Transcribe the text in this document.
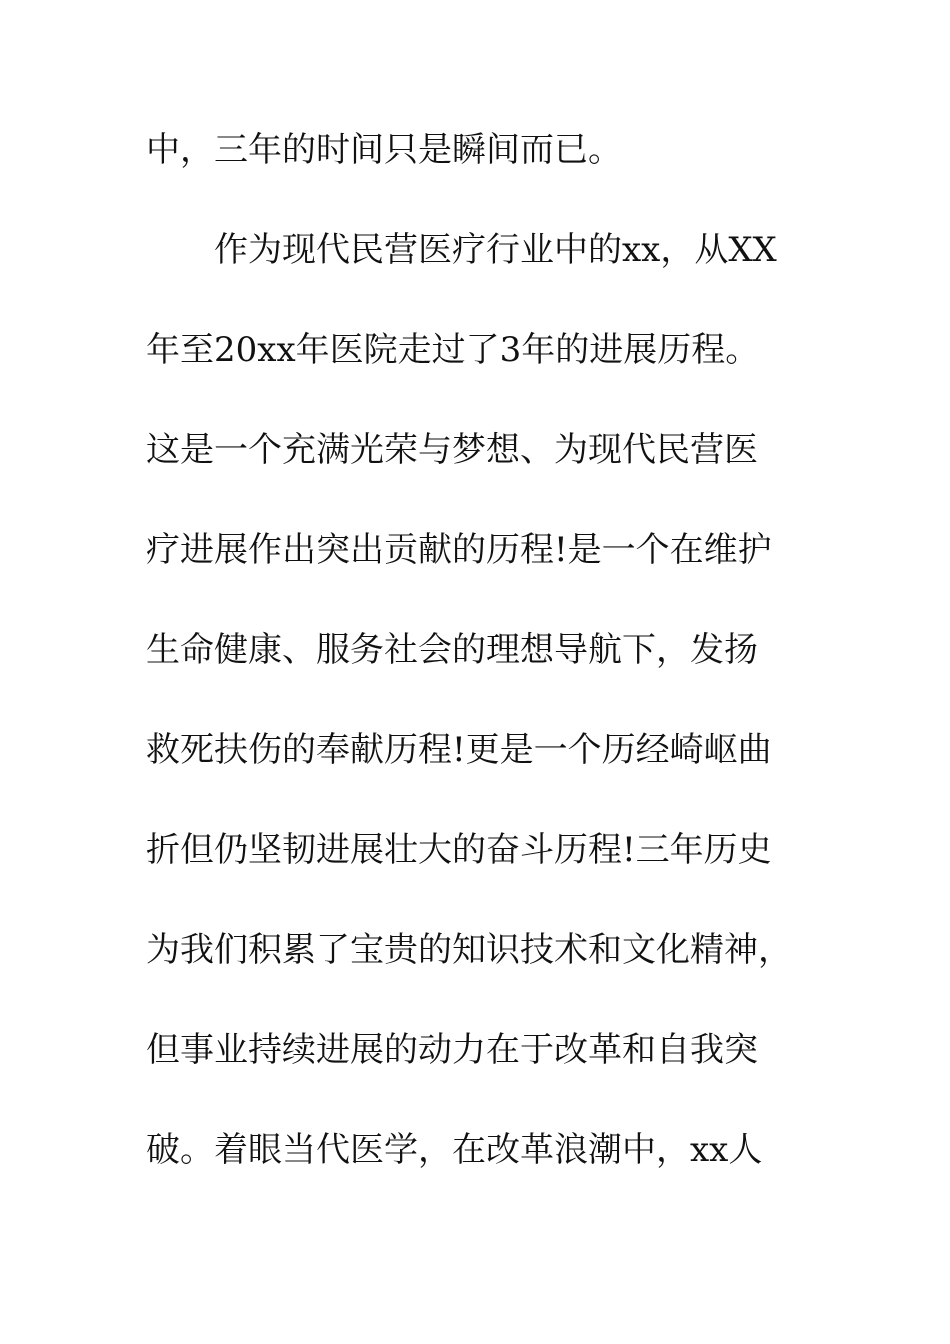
中，三年的时间只是瞬间而已。
　　作为现代民营医疗行业中的xx，从XX
年至20xx年医院走过了3年的进展历程。
这是一个充满光荣与梦想、为现代民营医
疗进展作出突出贡献的历程!是一个在维护
生命健康、服务社会的理想导航下，发扬
救死扶伤的奉献历程!更是一个历经崎岖曲
折但仍坚韧进展壮大的奋斗历程!三年历史
为我们积累了宝贵的知识技术和文化精神，
但事业持续进展的动力在于改革和自我突
破。着眼当代医学，在改革浪潮中，xx人
